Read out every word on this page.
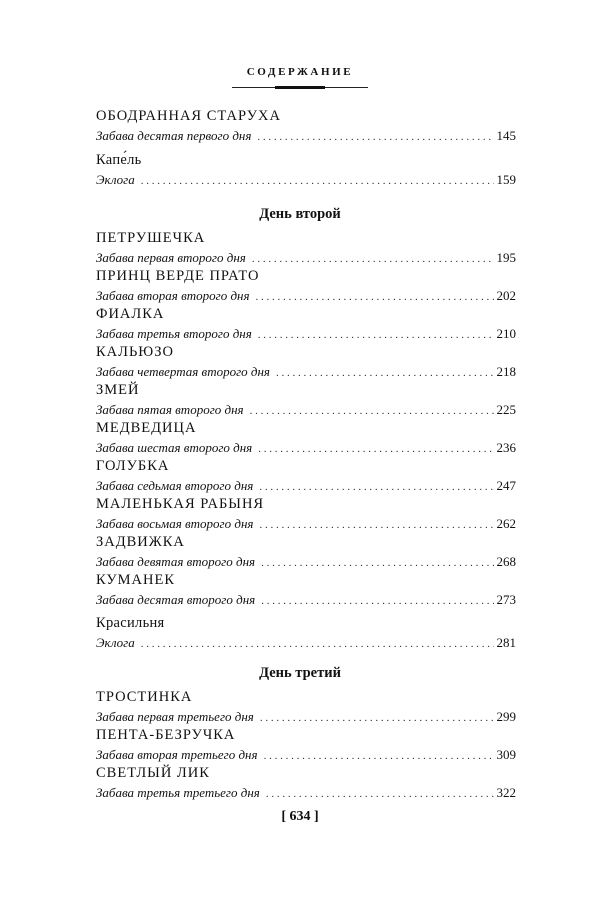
СОДЕРЖАНИЕ
ОБОДРАННАЯ СТАРУХА
Забава десятая первого дня . . .	145
Капе́ль
Эклога . . .	159
День второй
ПЕТРУШЕЧКА
Забава первая второго дня . . .	195
ПРИНЦ ВЕРДЕ ПРАТО
Забава вторая второго дня . . .	202
ФИАЛКА
Забава третья второго дня . . .	210
КАЛЬЮЗО
Забава четвертая второго дня . . .	218
ЗМЕЙ
Забава пятая второго дня . . .	225
МЕДВЕДИЦА
Забава шестая второго дня . . .	236
ГОЛУБКА
Забава седьмая второго дня . . .	247
МАЛЕНЬКАЯ РАБЫНЯ
Забава восьмая второго дня . . .	262
ЗАДВИЖКА
Забава девятая второго дня . . .	268
КУМАНЕК
Забава десятая второго дня . . .	273
Красильня
Эклога . . .	281
День третий
ТРОСТИНКА
Забава первая третьего дня . . .	299
ПЕНТА-БЕЗРУЧКА
Забава вторая третьего дня . . .	309
СВЕТЛЫЙ ЛИК
Забава третья третьего дня . . .	322
[ 634 ]
